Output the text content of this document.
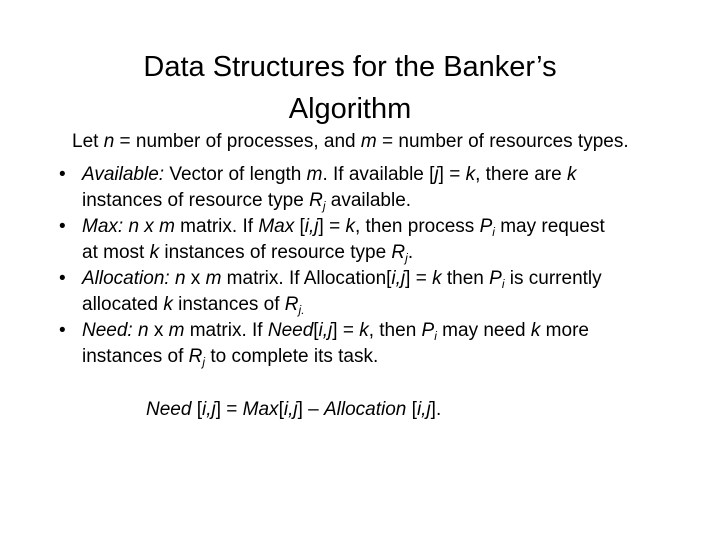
Data Structures for the Banker’s
Algorithm
Let n = number of processes, and m = number of resources types.
• Available: Vector of length m. If available [j] = k, there are k
instances of resource type $R_j$ available.
• Max: n x m matrix. If Max [i,j] = k, then process $P_i$ may request
at most k instances of resource type $R_j$.
• Allocation: n x m matrix. If Allocation[i,j] = k then $P_i$ is currently
allocated k instances of $R_{j.}$
• Need: n x m matrix. If Need[i,j] = k, then $P_i$ may need k more
instances of $R_j$ to complete its task.
Need [i,j] = Max[i,j] – Allocation [i,j].
